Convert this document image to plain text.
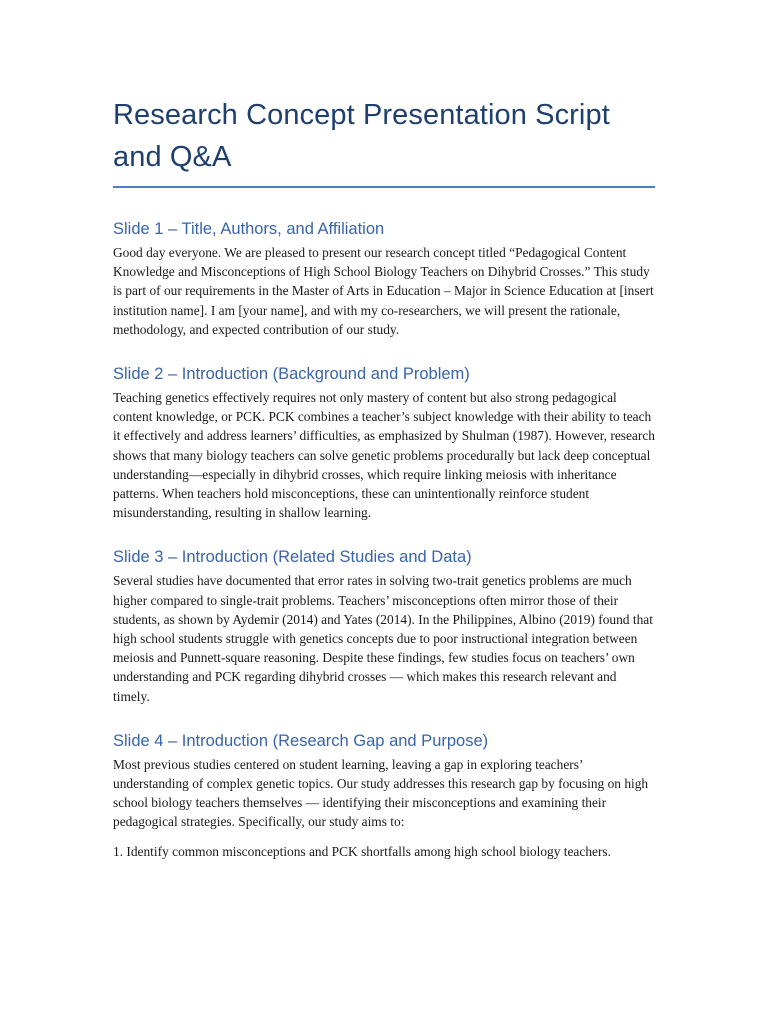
Research Concept Presentation Script and Q&A
Slide 1 – Title, Authors, and Affiliation

Good day everyone. We are pleased to present our research concept titled “Pedagogical Content Knowledge and Misconceptions of High School Biology Teachers on Dihybrid Crosses.” This study is part of our requirements in the Master of Arts in Education – Major in Science Education at [insert institution name]. I am [your name], and with my co-researchers, we will present the rationale, methodology, and expected contribution of our study.

Slide 2 – Introduction (Background and Problem)

Teaching genetics effectively requires not only mastery of content but also strong pedagogical content knowledge, or PCK. PCK combines a teacher’s subject knowledge with their ability to teach it effectively and address learners’ difficulties, as emphasized by Shulman (1987). However, research shows that many biology teachers can solve genetic problems procedurally but lack deep conceptual understanding—especially in dihybrid crosses, which require linking meiosis with inheritance patterns. When teachers hold misconceptions, these can unintentionally reinforce student misunderstanding, resulting in shallow learning.

Slide 3 – Introduction (Related Studies and Data)

Several studies have documented that error rates in solving two-trait genetics problems are much higher compared to single-trait problems. Teachers’ misconceptions often mirror those of their students, as shown by Aydemir (2014) and Yates (2014). In the Philippines, Albino (2019) found that high school students struggle with genetics concepts due to poor instructional integration between meiosis and Punnett-square reasoning. Despite these findings, few studies focus on teachers’ own understanding and PCK regarding dihybrid crosses — which makes this research relevant and timely.

Slide 4 – Introduction (Research Gap and Purpose)

Most previous studies centered on student learning, leaving a gap in exploring teachers’ understanding of complex genetic topics. Our study addresses this research gap by focusing on high school biology teachers themselves — identifying their misconceptions and examining their pedagogical strategies. Specifically, our study aims to:

1. Identify common misconceptions and PCK shortfalls among high school biology teachers.
